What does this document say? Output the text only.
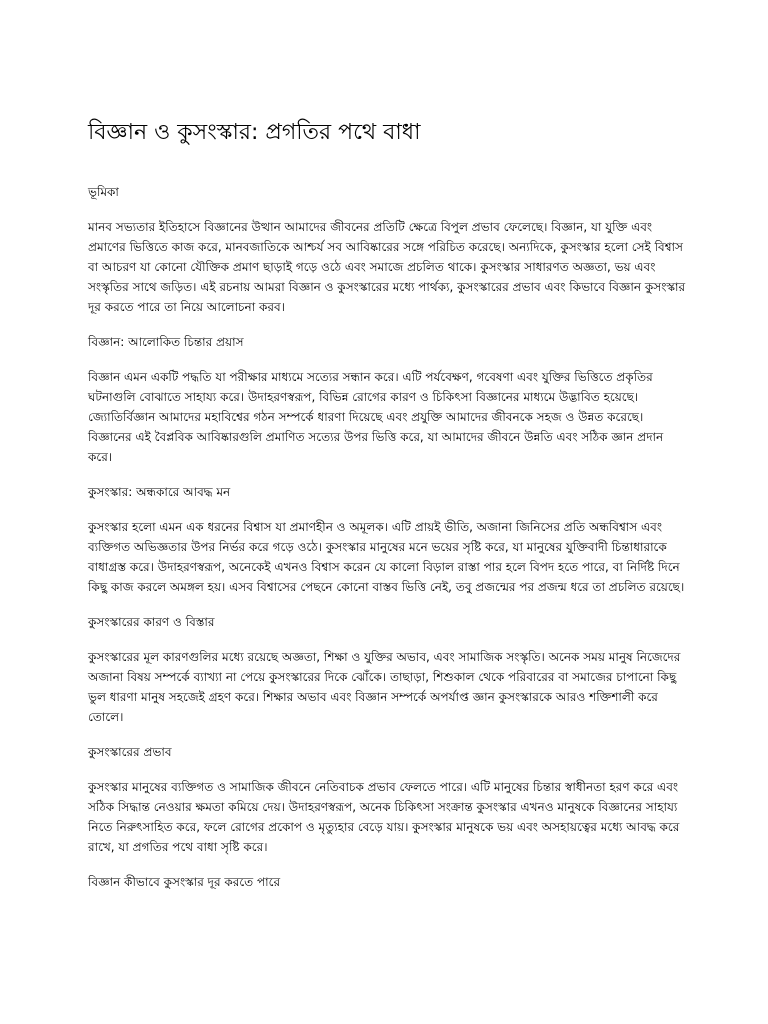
বিজ্ঞান ও কুসংস্কার: প্রগতির পথে বাধা
ভূমিকা

মানব সভ্যতার ইতিহাসে বিজ্ঞানের উত্থান আমাদের জীবনের প্রতিটি ক্ষেত্রে বিপুল প্রভাব ফেলেছে। বিজ্ঞান, যা যুক্তি এবং প্রমাণের ভিত্তিতে কাজ করে, মানবজাতিকে আশ্চর্য সব আবিষ্কারের সঙ্গে পরিচিত করেছে। অন্যদিকে, কুসংস্কার হলো সেই বিশ্বাস বা আচরণ যা কোনো যৌক্তিক প্রমাণ ছাড়াই গড়ে ওঠে এবং সমাজে প্রচলিত থাকে। কুসংস্কার সাধারণত অজ্ঞতা, ভয় এবং সংস্কৃতির সাথে জড়িত। এই রচনায় আমরা বিজ্ঞান ও কুসংস্কারের মধ্যে পার্থক্য, কুসংস্কারের প্রভাব এবং কিভাবে বিজ্ঞান কুসংস্কার দূর করতে পারে তা নিয়ে আলোচনা করব।

বিজ্ঞান: আলোকিত চিন্তার প্রয়াস

বিজ্ঞান এমন একটি পদ্ধতি যা পরীক্ষার মাধ্যমে সত্যের সন্ধান করে। এটি পর্যবেক্ষণ, গবেষণা এবং যুক্তির ভিত্তিতে প্রকৃতির ঘটনাগুলি বোঝাতে সাহায্য করে। উদাহরণস্বরূপ, বিভিন্ন রোগের কারণ ও চিকিৎসা বিজ্ঞানের মাধ্যমে উদ্ভাবিত হয়েছে। জ্যোতির্বিজ্ঞান আমাদের মহাবিশ্বের গঠন সম্পর্কে ধারণা দিয়েছে এবং প্রযুক্তি আমাদের জীবনকে সহজ ও উন্নত করেছে। বিজ্ঞানের এই বৈপ্লবিক আবিষ্কারগুলি প্রমাণিত সত্যের উপর ভিত্তি করে, যা আমাদের জীবনে উন্নতি এবং সঠিক জ্ঞান প্রদান করে।

কুসংস্কার: অন্ধকারে আবদ্ধ মন

কুসংস্কার হলো এমন এক ধরনের বিশ্বাস যা প্রমাণহীন ও অমূলক। এটি প্রায়ই ভীতি, অজানা জিনিসের প্রতি অন্ধবিশ্বাস এবং ব্যক্তিগত অভিজ্ঞতার উপর নির্ভর করে গড়ে ওঠে। কুসংস্কার মানুষের মনে ভয়ের সৃষ্টি করে, যা মানুষের যুক্তিবাদী চিন্তাধারাকে বাধাগ্রস্ত করে। উদাহরণস্বরূপ, অনেকেই এখনও বিশ্বাস করেন যে কালো বিড়াল রাস্তা পার হলে বিপদ হতে পারে, বা নির্দিষ্ট দিনে কিছু কাজ করলে অমঙ্গল হয়। এসব বিশ্বাসের পেছনে কোনো বাস্তব ভিত্তি নেই, তবু প্রজন্মের পর প্রজন্ম ধরে তা প্রচলিত রয়েছে।

কুসংস্কারের কারণ ও বিস্তার

কুসংস্কারের মূল কারণগুলির মধ্যে রয়েছে অজ্ঞতা, শিক্ষা ও যুক্তির অভাব, এবং সামাজিক সংস্কৃতি। অনেক সময় মানুষ নিজেদের অজানা বিষয় সম্পর্কে ব্যাখ্যা না পেয়ে কুসংস্কারের দিকে ঝোঁকে। তাছাড়া, শিশুকাল থেকে পরিবারের বা সমাজের চাপানো কিছু ভুল ধারণা মানুষ সহজেই গ্রহণ করে। শিক্ষার অভাব এবং বিজ্ঞান সম্পর্কে অপর্যাপ্ত জ্ঞান কুসংস্কারকে আরও শক্তিশালী করে তোলে।

কুসংস্কারের প্রভাব

কুসংস্কার মানুষের ব্যক্তিগত ও সামাজিক জীবনে নেতিবাচক প্রভাব ফেলতে পারে। এটি মানুষের চিন্তার স্বাধীনতা হরণ করে এবং সঠিক সিদ্ধান্ত নেওয়ার ক্ষমতা কমিয়ে দেয়। উদাহরণস্বরূপ, অনেক চিকিৎসা সংক্রান্ত কুসংস্কার এখনও মানুষকে বিজ্ঞানের সাহায্য নিতে নিরুৎসাহিত করে, ফলে রোগের প্রকোপ ও মৃত্যুহার বেড়ে যায়। কুসংস্কার মানুষকে ভয় এবং অসহায়ত্বের মধ্যে আবদ্ধ করে রাখে, যা প্রগতির পথে বাধা সৃষ্টি করে।

বিজ্ঞান কীভাবে কুসংস্কার দূর করতে পারে
